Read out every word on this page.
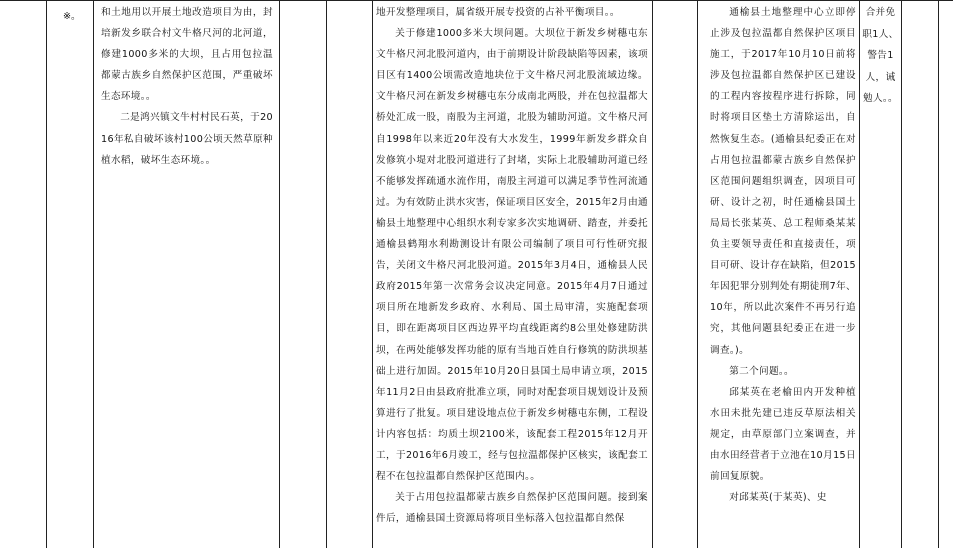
※。	和土地用以开展土地改造项目为由，封培新发乡联合村文牛格尺河的北河道，修建1000多米的大坝，且占用包拉温都蒙古族乡自然保护区范围，严重破坏生态环境。。

二是鸿兴镇文牛村村民石英，于2016年私自破坏该村100公顷天然草原种植水稻，破坏生态环境。。

地开发整理项目，属省级开展专投资的占补平衡项目。。

关于修建1000多米大坝问题。大坝位于新发乡树穗屯东文牛格尺河北股河道内，由于前期设计阶段缺陷等因素，该项目区有1400公顷需改造地块位于文牛格尺河北股流域边缘。文牛格尺河在新发乡树穗屯东分成南北两股，并在包拉温都大桥处汇成一股，南股为主河道，北股为辅助河道。文牛格尺河自1998年以来近20年没有大水发生，1999年新发乡群众自发修筑小堤对北股河道进行了封堵，实际上北股辅助河道已经不能够发挥疏通水流作用，南股主河道可以满足季节性河流通过。为有效防止洪水灾害，保证项目区安全，2015年2月由通榆县土地整理中心组织水利专家多次实地调研、踏查，并委托通榆县鹤翔水利勘测设计有限公司编制了项目可行性研究报告，关闭文牛格尺河北股河道。2015年3月4日，通榆县人民政府2015年第一次常务会议决定同意。2015年4月7日通过项目所在地新发乡政府、水利局、国土局审清，实施配套项目，即在距离项目区西边界平均直线距离约8公里处修建防洪坝，在两处能够发挥功能的原有当地百姓自行修筑的防洪坝基础上进行加固。2015年10月20日县国土局申请立项，2015年11月2日由县政府批准立项，同时对配套项目规划设计及预算进行了批复。项目建设地点位于新发乡树穗屯东侧，工程设计内容包括：均质土坝2100米，该配套工程2015年12月开工，于2016年6月竣工，经与包拉温都保护区核实，该配套工程不在包拉温都自然保护区范围内。。

关于占用包拉温都蒙古族乡自然保护区范围问题。接到案件后，通榆县国土资源局将项目坐标落入包拉温都自然保

通榆县土地整理中心立即停止涉及包拉温都自然保护区项目施工，于2017年10月10日前将涉及包拉温都自然保护区已建设的工程内容按程序进行拆除，同时将项目区垫土方清除运出，自然恢复生态。(通榆县纪委正在对占用包拉温都蒙古族乡自然保护区范围问题组织调查，因项目可研、设计之初，时任通榆县国土局局长张某英、总工程师桑某某负主要领导责任和直接责任，项目可研、设计存在缺陷，但2015年因犯罪分别判处有期徒刑7年、10年，所以此次案件不再另行追究，其他问题县纪委正在进一步调查。)。

第二个问题。。

邱某英在老榆田内开发种植水田未批先建已违反草原法相关规定，由草原部门立案调查，并由水田经营者于立池在10月15日前回复原貌。

对邱某英(于某英)、史

合并免职1人、警告1人，诫勉人。。
